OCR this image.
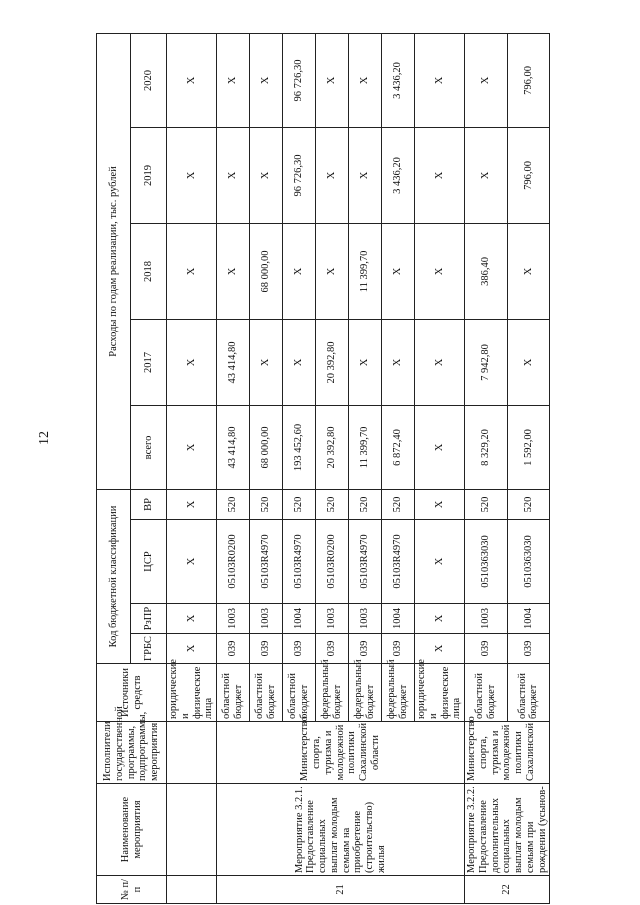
12
№ п/п	Наименование мероприятия	Исполнители государственной программы, подпрограммы, мероприятия	Источники средств	Код бюджетной классификации				Расходы по годам реализации, тыс. рублей				
				ГРБС	РзПР	ЦСР	ВР	всего	2017	2018	2019	2020
			юридические и физические лица	Х	Х	Х	Х	Х	Х	Х	Х	Х
21	Мероприятие 3.2.1. Предоставление социальных выплат молодым семьям на приобретение (строительство) жилья	Министерство спорта, туризма и молодежной политики Сахалинской области	областной бюджет	039	1003	05103R0200	520	43 414,80	43 414,80	Х	Х	Х
			областной бюджет	039	1003	05103R4970	520	68 000,00	Х	68 000,00	Х	Х
			областной бюджет	039	1004	05103R4970	520	193 452,60	Х	Х	96 726,30	96 726,30
			федеральный бюджет	039	1003	05103R0200	520	20 392,80	20 392,80	Х	Х	Х
			федеральный бюджет	039	1003	05103R4970	520	11 399,70	Х	11 399,70	Х	Х
			федеральный бюджет	039	1004	05103R4970	520	6 872,40	Х	Х	3 436,20	3 436,20
			юридические и физические лица	Х	Х	Х	Х	Х	Х	Х	Х	Х
22	Мероприятие 3.2.2. Предоставление дополнительных социальных выплат молодым семьям при рождении (усынов-	Министерство спорта, туризма и молодежной политики Сахалинской	областной бюджет	039	1003	051036З030	520	8 329,20	7 942,80	386,40	Х	Х
			областной бюджет	039	1004	0510363030	520	1 592,00	Х	Х	796,00	796,00
